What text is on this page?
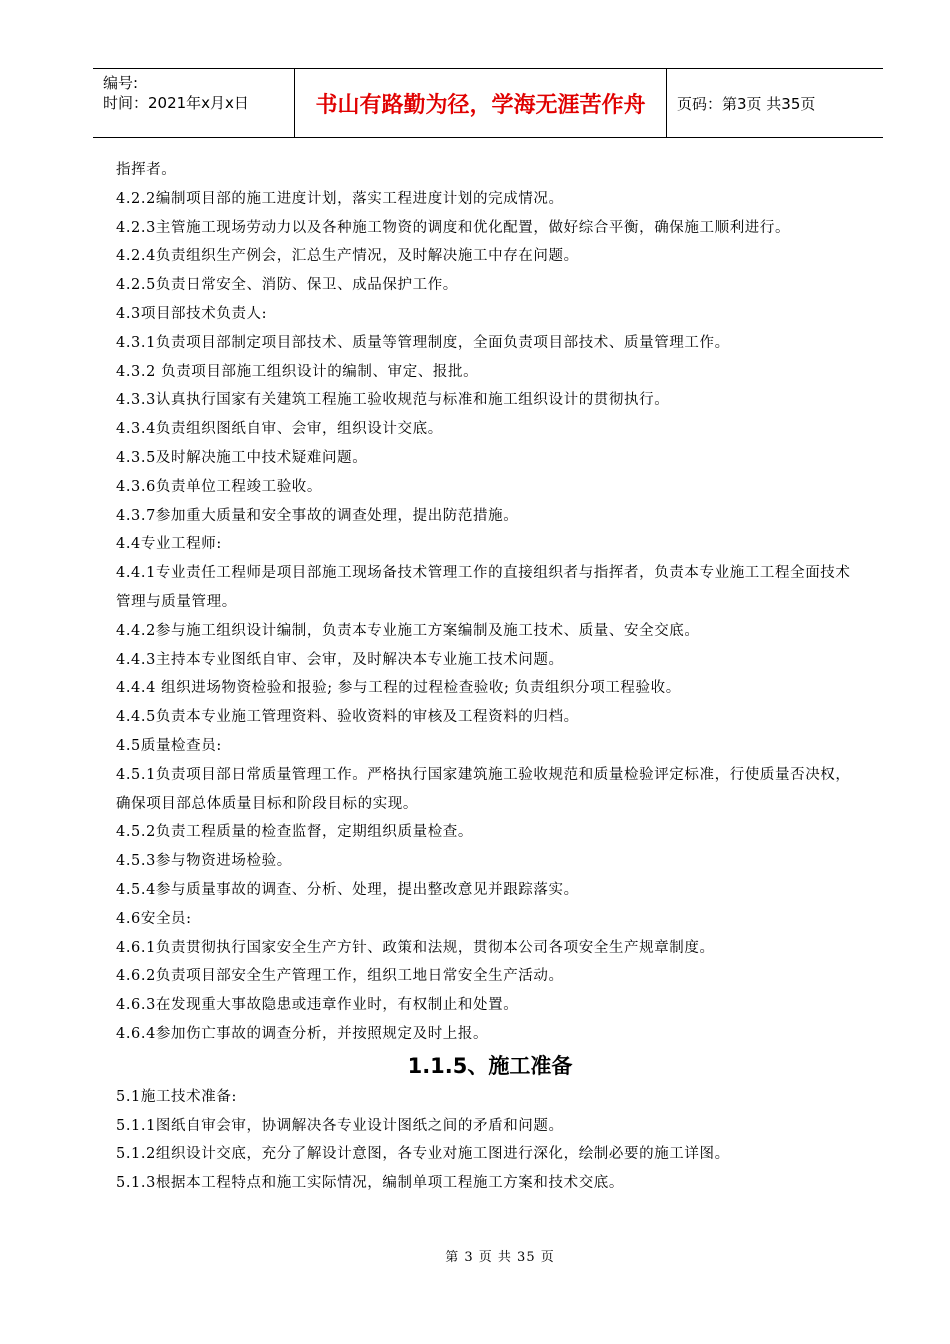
编号:
时间：2021年x月x日	书山有路勤为径，学海无涯苦作舟	页码：第3页 共35页

指挥者。

4.2.2编制项目部的施工进度计划，落实工程进度计划的完成情况。

4.2.3主管施工现场劳动力以及各种施工物资的调度和优化配置，做好综合平衡，确保施工顺利进行。

4.2.4负责组织生产例会，汇总生产情况，及时解决施工中存在问题。

4.2.5负责日常安全、消防、保卫、成品保护工作。

4.3项目部技术负责人:

4.3.1负责项目部制定项目部技术、质量等管理制度，全面负责项目部技术、质量管理工作。

4.3.2 负责项目部施工组织设计的编制、审定、报批。

4.3.3认真执行国家有关建筑工程施工验收规范与标准和施工组织设计的贯彻执行。

4.3.4负责组织图纸自审、会审，组织设计交底。

4.3.5及时解决施工中技术疑难问题。

4.3.6负责单位工程竣工验收。

4.3.7参加重大质量和安全事故的调查处理，提出防范措施。

4.4专业工程师:

4.4.1专业责任工程师是项目部施工现场备技术管理工作的直接组织者与指挥者，负责本专业施工工程全面技术管理与质量管理。

4.4.2参与施工组织设计编制，负责本专业施工方案编制及施工技术、质量、安全交底。

4.4.3主持本专业图纸自审、会审，及时解决本专业施工技术问题。

4.4.4 组织进场物资检验和报验; 参与工程的过程检查验收; 负责组织分项工程验收。

4.4.5负责本专业施工管理资料、验收资料的审核及工程资料的归档。

4.5质量检查员:

4.5.1负责项目部日常质量管理工作。严格执行国家建筑施工验收规范和质量检验评定标准，行使质量否决权，确保项目部总体质量目标和阶段目标的实现。

4.5.2负责工程质量的检查监督，定期组织质量检查。

4.5.3参与物资进场检验。

4.5.4参与质量事故的调查、分析、处理，提出整改意见并跟踪落实。

4.6安全员:

4.6.1负责贯彻执行国家安全生产方针、政策和法规，贯彻本公司各项安全生产规章制度。

4.6.2负责项目部安全生产管理工作，组织工地日常安全生产活动。

4.6.3在发现重大事故隐患或违章作业时，有权制止和处置。

4.6.4参加伤亡事故的调查分析，并按照规定及时上报。

1.1.5、施工准备

5.1施工技术准备:

5.1.1图纸自审会审，协调解决各专业设计图纸之间的矛盾和问题。

5.1.2组织设计交底，充分了解设计意图，各专业对施工图进行深化，绘制必要的施工详图。

5.1.3根据本工程特点和施工实际情况，编制单项工程施工方案和技术交底。

第 3 页 共 35 页
